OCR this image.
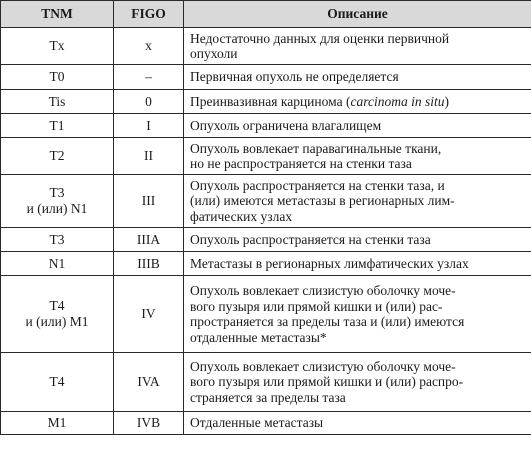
TNM	FIGO	Описание

Tx	x	Недостаточно данных для оценки первичной
опухоли

T0	–	Первичная опухоль не определяется

Tis	0	Преинвазивная карцинома (carcinoma in situ)

T1	I	Опухоль ограничена влагалищем

T2	II	Опухоль вовлекает паравагинальные ткани,
но не распространяется на стенки таза

T3
и (или) N1	III	Опухоль распространяется на стенки таза, и
(или) имеются метастазы в регионарных лим-
фатических узлах

T3	IIIA	Опухоль распространяется на стенки таза

N1	IIIB	Метастазы в регионарных лимфатических узлах

T4
и (или) M1	IV	Опухоль вовлекает слизистую оболочку моче-
вого пузыря или прямой кишки и (или) рас-
пространяется за пределы таза и (или) имеются
отдаленные метастазы*

T4	IVA	Опухоль вовлекает слизистую оболочку моче-
вого пузыря или прямой кишки и (или) распро-
страняется за пределы таза

M1	IVB	Отдаленные метастазы
